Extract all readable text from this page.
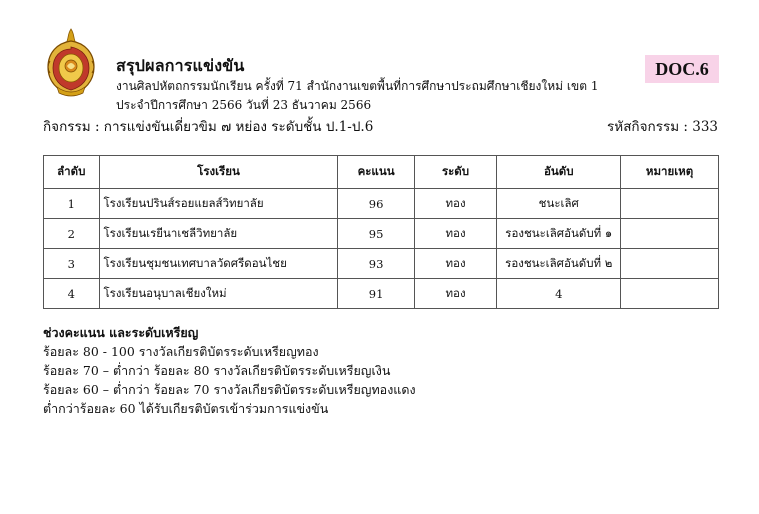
สรุปผลการแข่งขัน
งานศิลปหัตถกรรมนักเรียน ครั้งที่ 71 สำนักงานเขตพื้นที่การศึกษาประถมศึกษาเชียงใหม่ เขต 1
ประจำปีการศึกษา 2566 วันที่ 23 ธันวาคม 2566
DOC.6
กิจกรรม : การแข่งขันเดี่ยวขิม ๗ หย่อง ระดับชั้น ป.1-ป.6	รหัสกิจกรรม : 333
ลำดับ	โรงเรียน	คะแนน	ระดับ	อันดับ	หมายเหตุ
1	โรงเรียนปรินส์รอยแยลส์วิทยาลัย	96	ทอง	ชนะเลิศ	
2	โรงเรียนเรยีนาเชลีวิทยาลัย	95	ทอง	รองชนะเลิศอันดับที่ ๑	
3	โรงเรียนชุมชนเทศบาลวัดศรีดอนไชย	93	ทอง	รองชนะเลิศอันดับที่ ๒	
4	โรงเรียนอนุบาลเชียงใหม่	91	ทอง	4	
ช่วงคะแนน และระดับเหรียญ
ร้อยละ 80 - 100 รางวัลเกียรติบัตรระดับเหรียญทอง
ร้อยละ 70 – ต่ำกว่า ร้อยละ 80 รางวัลเกียรติบัตรระดับเหรียญเงิน
ร้อยละ 60 – ต่ำกว่า ร้อยละ 70 รางวัลเกียรติบัตรระดับเหรียญทองแดง
ต่ำกว่าร้อยละ 60 ได้รับเกียรติบัตรเข้าร่วมการแข่งขัน
